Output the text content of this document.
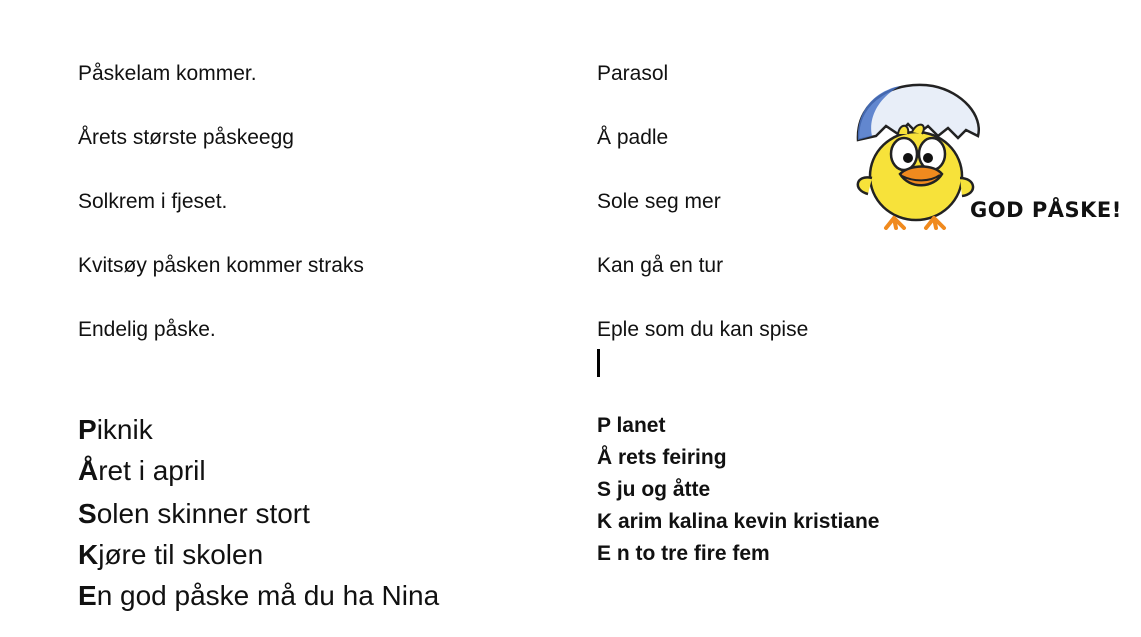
Påskelam kommer.
Årets største påskeegg
Solkrem i fjeset.
Kvitsøy påsken kommer straks
Endelig påske.
Parasol
Å padle
Sole seg mer
Kan gå en tur
Eple som du kan spise
Piknik
Året i april
Solen skinner stort
Kjøre til skolen
En god påske må du ha Nina
P lanet
Å rets feiring
S ju og åtte
K arim kalina kevin kristiane
E n to tre fire fem
GOD PÅSKE!
